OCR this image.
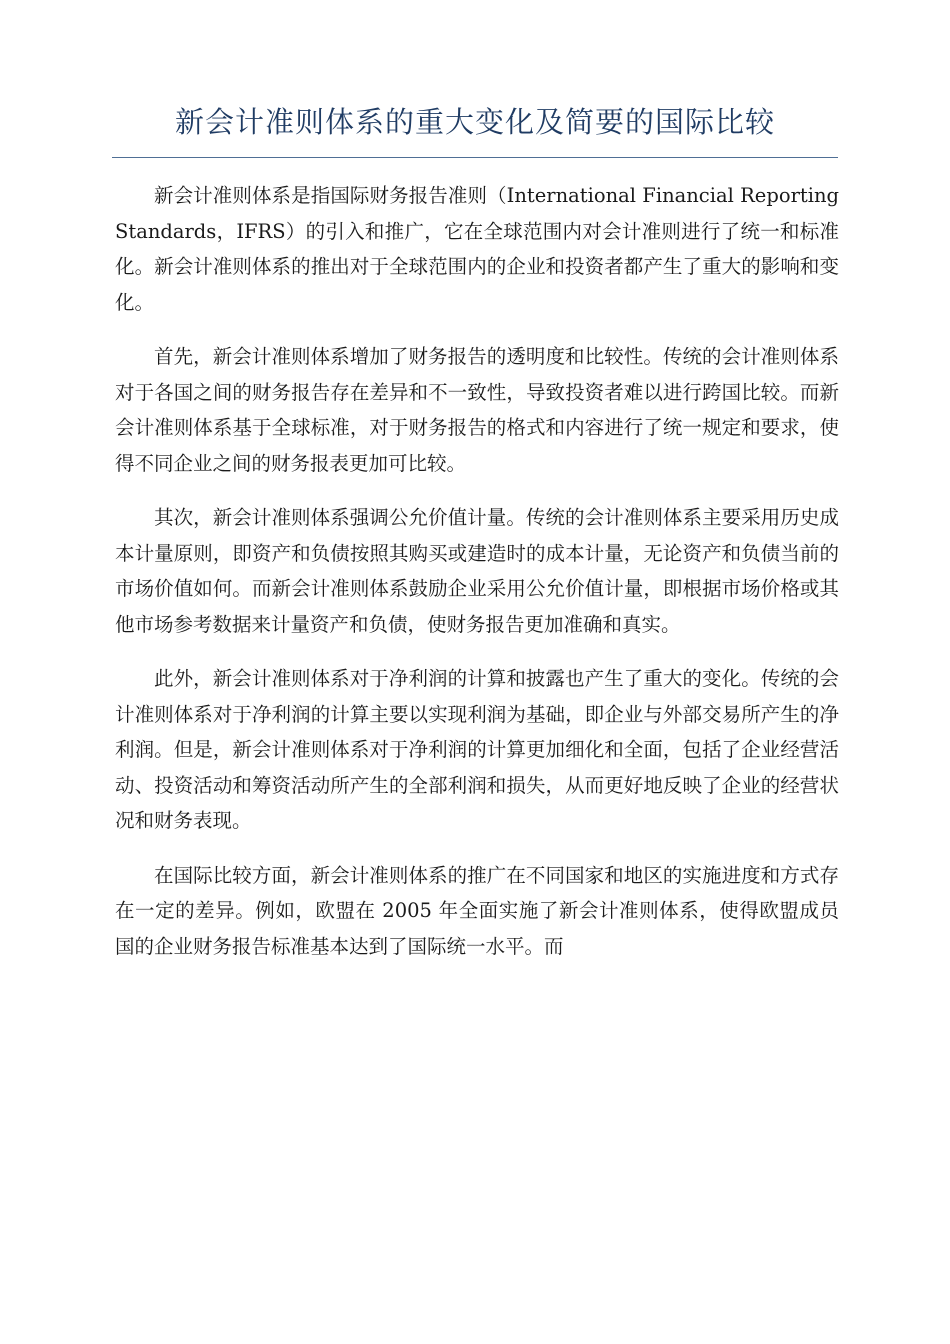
新会计准则体系的重大变化及简要的国际比较

新会计准则体系是指国际财务报告准则（International Financial Reporting Standards，IFRS）的引入和推广，它在全球范围内对会计准则进行了统一和标准化。新会计准则体系的推出对于全球范围内的企业和投资者都产生了重大的影响和变化。

首先，新会计准则体系增加了财务报告的透明度和比较性。传统的会计准则体系对于各国之间的财务报告存在差异和不一致性，导致投资者难以进行跨国比较。而新会计准则体系基于全球标准，对于财务报告的格式和内容进行了统一规定和要求，使得不同企业之间的财务报表更加可比较。

其次，新会计准则体系强调公允价值计量。传统的会计准则体系主要采用历史成本计量原则，即资产和负债按照其购买或建造时的成本计量，无论资产和负债当前的市场价值如何。而新会计准则体系鼓励企业采用公允价值计量，即根据市场价格或其他市场参考数据来计量资产和负债，使财务报告更加准确和真实。

此外，新会计准则体系对于净利润的计算和披露也产生了重大的变化。传统的会计准则体系对于净利润的计算主要以实现利润为基础，即企业与外部交易所产生的净利润。但是，新会计准则体系对于净利润的计算更加细化和全面，包括了企业经营活动、投资活动和筹资活动所产生的全部利润和损失，从而更好地反映了企业的经营状况和财务表现。

在国际比较方面，新会计准则体系的推广在不同国家和地区的实施进度和方式存在一定的差异。例如，欧盟在 2005 年全面实施了新会计准则体系，使得欧盟成员国的企业财务报告标准基本达到了国际统一水平。而
